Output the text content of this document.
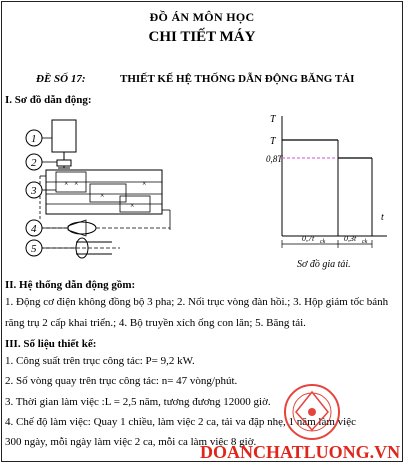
ĐỒ ÁN MÔN HỌC
CHI TIẾT MÁY
ĐỀ SỐ 17:	THIẾT KẾ HỆ THỐNG DẪN ĐỘNG BĂNG TẢI
I. Sơ đồ dẫn động:
× ×
×
×
×
1
2
3
4
5
T
T
0,8T
t
0,7t ck 0,3t ck
Sơ đồ gia tải.
II. Hệ thống dẫn động gồm:
1. Động cơ điện không đồng bộ 3 pha; 2. Nối trục vòng đàn hồi.; 3. Hộp giảm tốc bánh răng trụ 2 cấp khai triển.; 4. Bộ truyền xích ống con lăn; 5. Băng tải.
III. Số liệu thiết kế:
1. Công suất trên trục công tác: P= 9,2 kW.
2. Số vòng quay trên trục công tác: n= 47 vòng/phút.
3. Thời gian làm việc :L = 2,5 năm, tương đương 12000 giờ.
4. Chế độ làm việc: Quay 1 chiều, làm việc 2 ca, tải va đập nhẹ, 1 năm làm việc
300 ngày, mỗi ngày làm việc 2 ca, mỗi ca làm việc 8 giờ.
DOANCHATLUONG.VN
